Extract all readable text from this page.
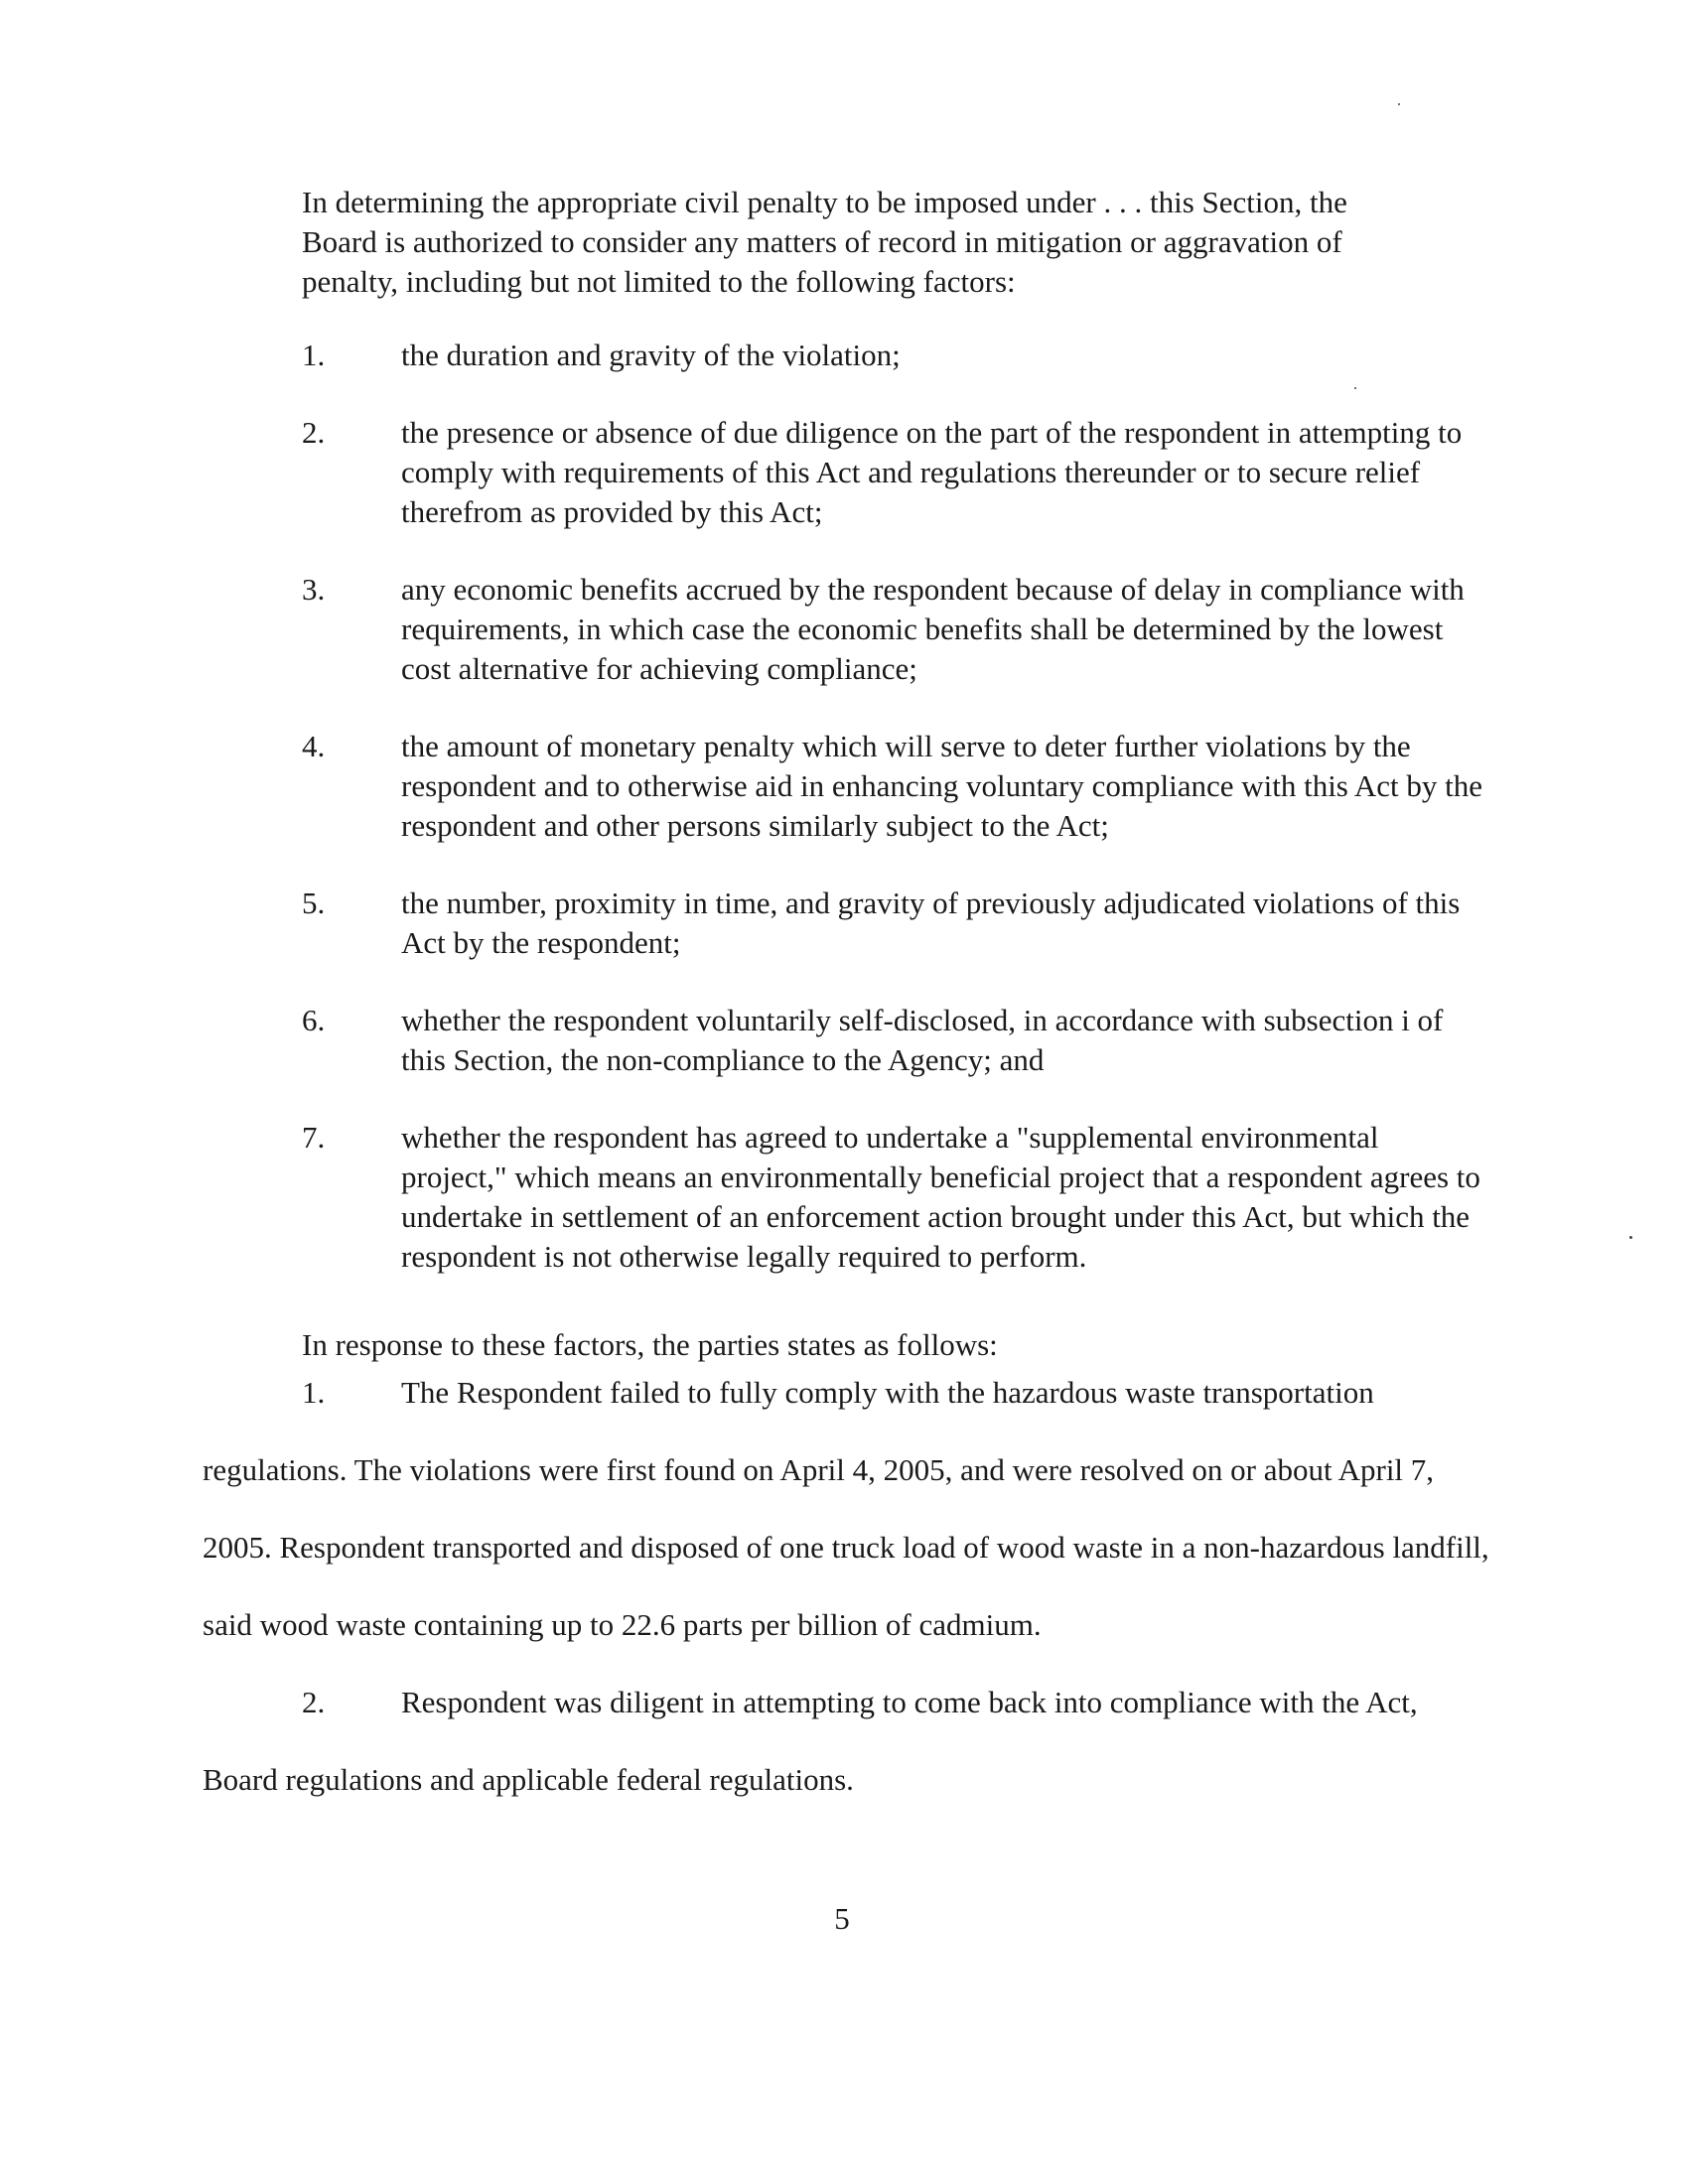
In determining the appropriate civil penalty to be imposed under . . . this Section, the Board is authorized to consider any matters of record in mitigation or aggravation of penalty, including but not limited to the following factors:

1. the duration and gravity of the violation;
2. the presence or absence of due diligence on the part of the respondent in attempting to comply with requirements of this Act and regulations thereunder or to secure relief therefrom as provided by this Act;
3. any economic benefits accrued by the respondent because of delay in compliance with requirements, in which case the economic benefits shall be determined by the lowest cost alternative for achieving compliance;
4. the amount of monetary penalty which will serve to deter further violations by the respondent and to otherwise aid in enhancing voluntary compliance with this Act by the respondent and other persons similarly subject to the Act;
5. the number, proximity in time, and gravity of previously adjudicated violations of this Act by the respondent;
6. whether the respondent voluntarily self-disclosed, in accordance with subsection i of this Section, the non-compliance to the Agency; and
7. whether the respondent has agreed to undertake a "supplemental environmental project," which means an environmentally beneficial project that a respondent agrees to undertake in settlement of an enforcement action brought under this Act, but which the respondent is not otherwise legally required to perform.

In response to these factors, the parties states as follows:

1. The Respondent failed to fully comply with the hazardous waste transportation regulations. The violations were first found on April 4, 2005, and were resolved on or about April 7, 2005. Respondent transported and disposed of one truck load of wood waste in a non-hazardous landfill, said wood waste containing up to 22.6 parts per billion of cadmium.

2. Respondent was diligent in attempting to come back into compliance with the Act, Board regulations and applicable federal regulations.

5
